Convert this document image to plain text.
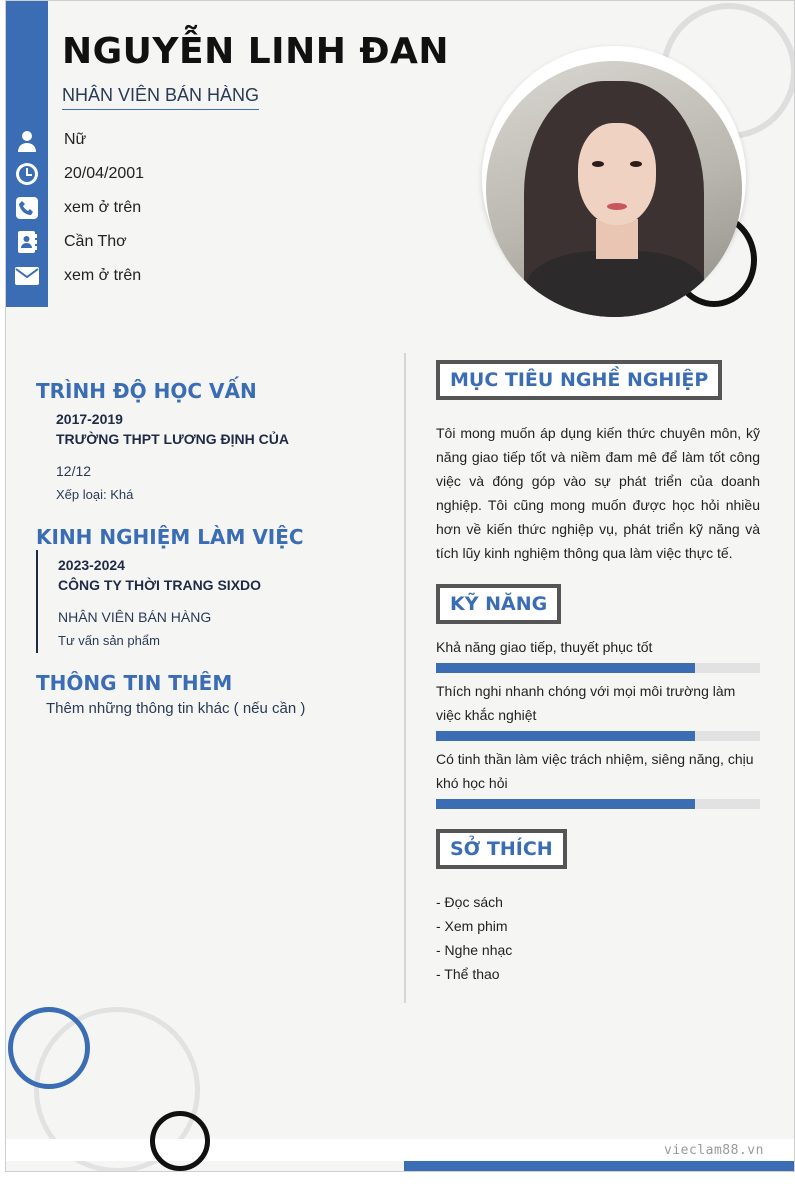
NGUYỄN LINH ĐAN
NHÂN VIÊN BÁN HÀNG
Nữ
20/04/2001
xem ở trên
Cần Thơ
xem ở trên
TRÌNH ĐỘ HỌC VẤN
2017-2019
TRƯỜNG THPT LƯƠNG ĐỊNH CỦA
12/12
Xếp loại: Khá
KINH NGHIỆM LÀM VIỆC
2023-2024
CÔNG TY THỜI TRANG SIXDO
NHÂN VIÊN BÁN HÀNG
Tư vấn sản phẩm
THÔNG TIN THÊM
Thêm những thông tin khác ( nếu cần )
MỤC TIÊU NGHỀ NGHIỆP
Tôi mong muốn áp dụng kiến thức chuyên môn, kỹ năng giao tiếp tốt và niềm đam mê để làm tốt công việc và đóng góp vào sự phát triển của doanh nghiệp. Tôi cũng mong muốn được học hỏi nhiều hơn về kiến thức nghiệp vụ, phát triển kỹ năng và tích lũy kinh nghiệm thông qua làm việc thực tế.
KỸ NĂNG
Khả năng giao tiếp, thuyết phục tốt
Thích nghi nhanh chóng với mọi môi trường làm việc khắc nghiệt
Có tinh thần làm việc trách nhiệm, siêng năng, chịu khó học hỏi
SỞ THÍCH
- Đọc sách
- Xem phim
- Nghe nhạc
- Thể thao
vieclam88.vn
